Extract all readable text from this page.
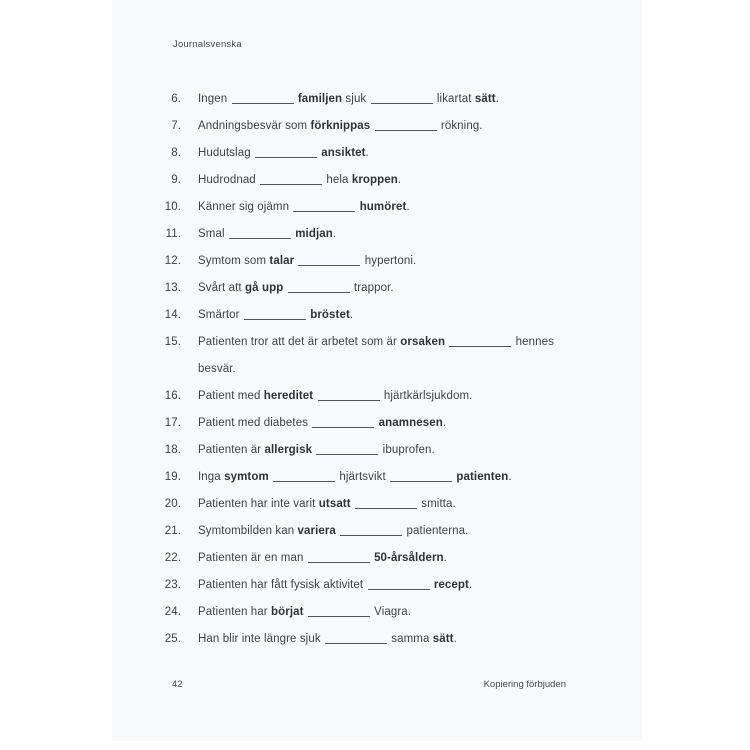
Journalsvenska
6.	Ingen	familjen sjuk	likartat sätt.
7.	Andningsbesvär som förknippas	rökning.
8.	Hudutslag	ansiktet.
9.	Hudrodnad	hela kroppen.
10.	Känner sig ojämn	humöret.
11.	Smal	midjan.
12.	Symtom som talar	hypertoni.
13.	Svårt att gå upp	trappor.
14.	Smärtor	bröstet.
15.	Patienten tror att det är arbetet som är orsaken	hennes
besvär.
16.	Patient med hereditet	hjärtkärlsjukdom.
17.	Patient med diabetes	anamnesen.
18.	Patienten är allergisk	ibuprofen.
19.	Inga symtom	hjärtsvikt	patienten.
20.	Patienten har inte varit utsatt	smitta.
21.	Symtombilden kan variera	patienterna.
22.	Patienten är en man	50-årsåldern.
23.	Patienten har fått fysisk aktivitet	recept.
24.	Patienten har börjat	Viagra.
25.	Han blir inte längre sjuk	samma sätt.
42	Kopiering förbjuden
